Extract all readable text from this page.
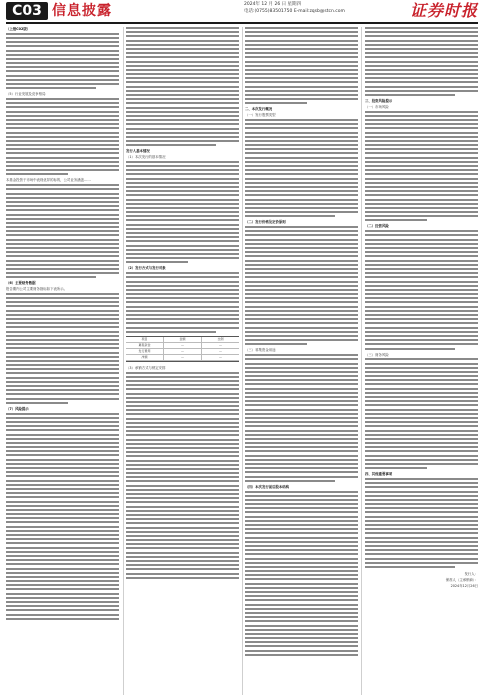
C03 信息披露	2024年 12 月 26 日 星期四
电话:(0755)83501750 E-mail:zqsb@stcn.com	证券时报

（上接C02版）

（5）行业发展及竞争格局

本基金投资于市场中表现优异的标的，公司业务涵盖……

（6）主要财务数据

报告期内公司主要财务指标如下表所示。

（7）风险提示

发行人基本情况

（1）本次发行的基本情况

（2）发行方式与发行对象

项目	金额	比例
募集资金	—	—
发行费用	—	—
净额	—	—

（3）承销方式与锁定安排

二、本次发行概况

（一）发行股票类型

（二）发行价格及定价原则

（三）募集资金用途

（四）本次发行前后股本结构

三、投资风险提示

（一）市场风险

（二）经营风险

（三）财务风险

四、其他重要事项

发行人：

保荐人（主承销商）：

2024年12月26日
